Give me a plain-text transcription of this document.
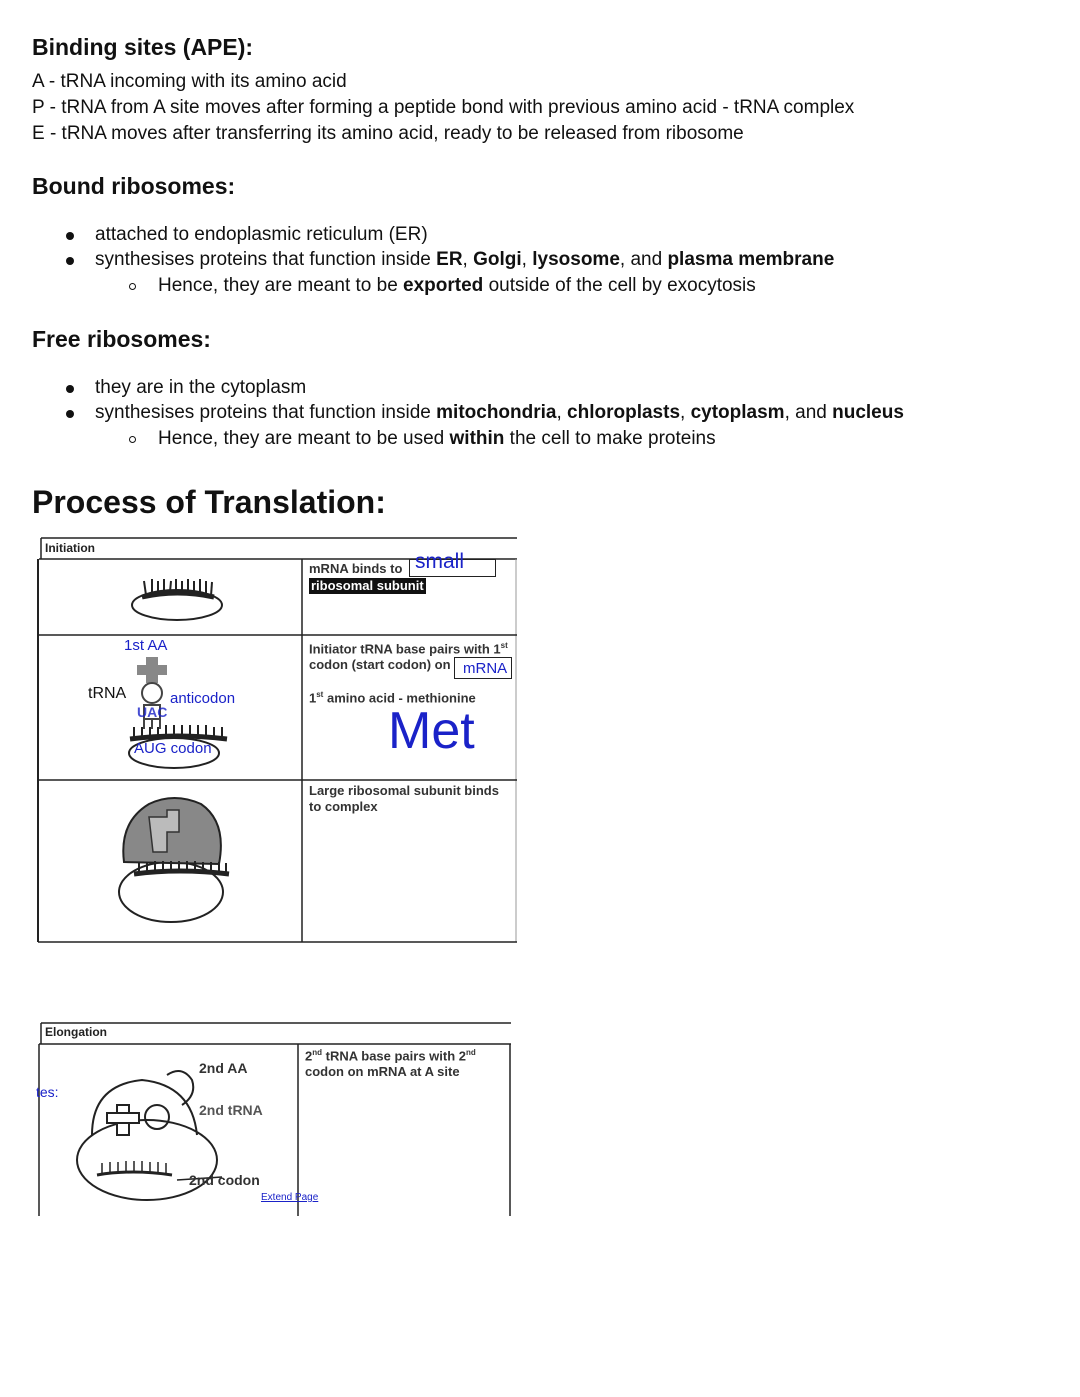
Binding sites (APE):
A - tRNA incoming with its amino acid
P - tRNA from A site moves after forming a peptide bond with previous amino acid - tRNA complex
E - tRNA moves after transferring its amino acid, ready to be released from ribosome
Bound ribosomes:
attached to endoplasmic reticulum (ER)
synthesises proteins that function inside ER, Golgi, lysosome, and plasma membrane
Hence, they are meant to be exported outside of the cell by exocytosis
Free ribosomes:
they are in the cytoplasm
synthesises proteins that function inside mitochondria, chloroplasts, cytoplasm, and nucleus
Hence, they are meant to be used within the cell to make proteins
Process of Translation:
Initiation
mRNA binds to small
ribosomal subunit
1st AA
tRNA	anticodon
UAC
AUG codon
Initiator tRNA base pairs with 1st
codon (start codon) on mRNA
1st amino acid - methionine
Met
Large ribosomal subunit binds to complex
Elongation
2nd AA
2nd tRNA
2nd codon
Extend Page
2nd tRNA base pairs with 2nd
codon on mRNA at A site
tes:
